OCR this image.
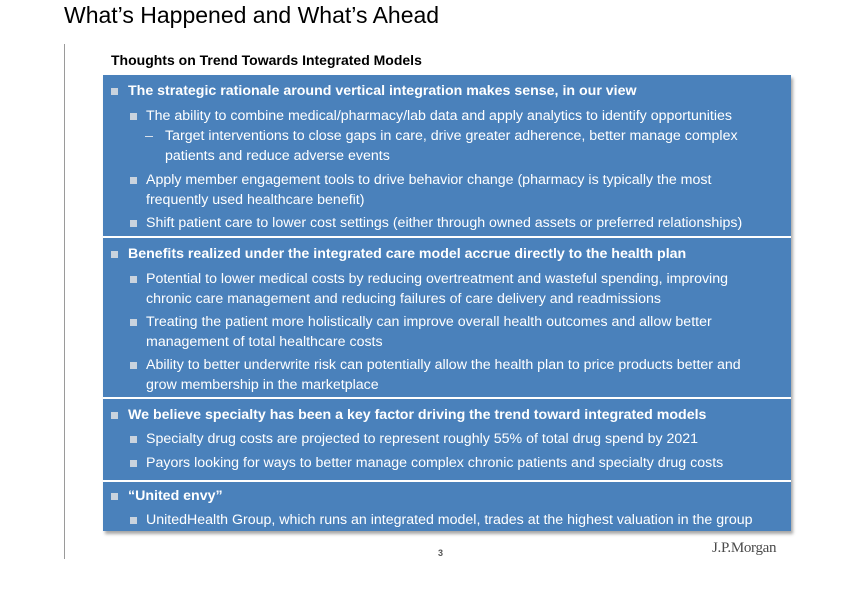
What’s Happened and What’s Ahead
Thoughts on Trend Towards Integrated Models
The strategic rationale around vertical integration makes sense, in our view
The ability to combine medical/pharmacy/lab data and apply analytics to identify opportunities
Target interventions to close gaps in care, drive greater adherence, better manage complex
patients and reduce adverse events
Apply member engagement tools to drive behavior change (pharmacy is typically the most
frequently used healthcare benefit)
Shift patient care to lower cost settings (either through owned assets or preferred relationships)
Benefits realized under the integrated care model accrue directly to the health plan
Potential to lower medical costs by reducing overtreatment and wasteful spending, improving
chronic care management and reducing failures of care delivery and readmissions
Treating the patient more holistically can improve overall health outcomes and allow better
management of total healthcare costs
Ability to better underwrite risk can potentially allow the health plan to price products better and
grow membership in the marketplace
We believe specialty has been a key factor driving the trend toward integrated models
Specialty drug costs are projected to represent roughly 55% of total drug spend by 2021
Payors looking for ways to better manage complex chronic patients and specialty drug costs
“United envy”
UnitedHealth Group, which runs an integrated model, trades at the highest valuation in the group
3	J.P.Morgan
